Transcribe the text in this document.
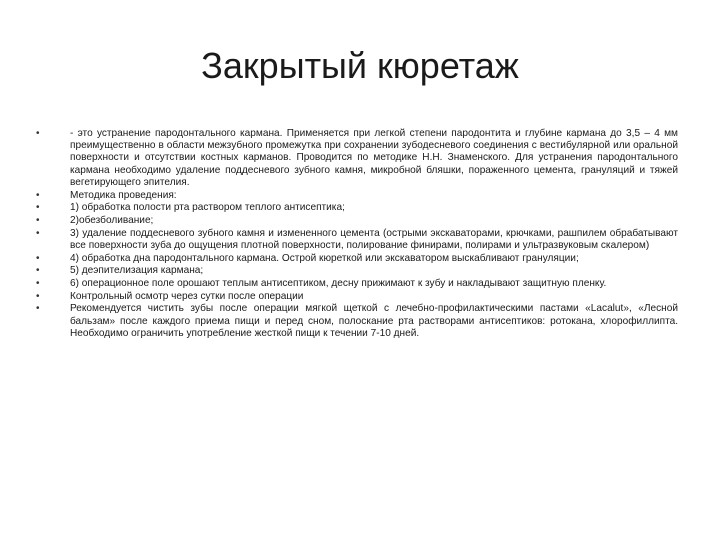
Закрытый кюретаж
•	- это устранение пародонтального кармана. Применяется при легкой степени пародонтита и глубине кармана до 3,5 – 4 мм преимущественно в области межзубного промежутка при сохранении зубодесневого соединения с вестибулярной или оральной поверхности и отсутствии костных карманов. Проводится по методике Н.Н. Знаменского. Для устранения пародонтального кармана необходимо удаление поддесневого зубного камня, микробной бляшки, пораженного цемента, грануляций и тяжей вегетирующего эпителия.
•	Методика проведения:
•	1) обработка полости рта раствором теплого антисептика;
•	2)обезболивание;
•	3) удаление поддесневого зубного камня и измененного цемента (острыми экскаваторами, крючками, рашпилем обрабатывают все поверхности зуба до ощущения плотной поверхности, полирование финирами, полирами и ультразвуковым скалером)
•	4) обработка дна пародонтального кармана. Острой кюреткой или экскаватором выскабливают грануляции;
•	5) деэпителизация кармана;
•	6) операционное поле орошают теплым антисептиком, десну прижимают к зубу и накладывают защитную пленку.
•	Контрольный осмотр через сутки после операции
•	Рекомендуется чистить зубы после операции мягкой щеткой с лечебно-профилактическими пастами «Lacalut», «Лесной бальзам» после каждого приема пищи и перед сном, полоскание рта растворами антисептиков: ротокана, хлорофиллипта. Необходимо ограничить употребление жесткой пищи к течении 7-10 дней.
